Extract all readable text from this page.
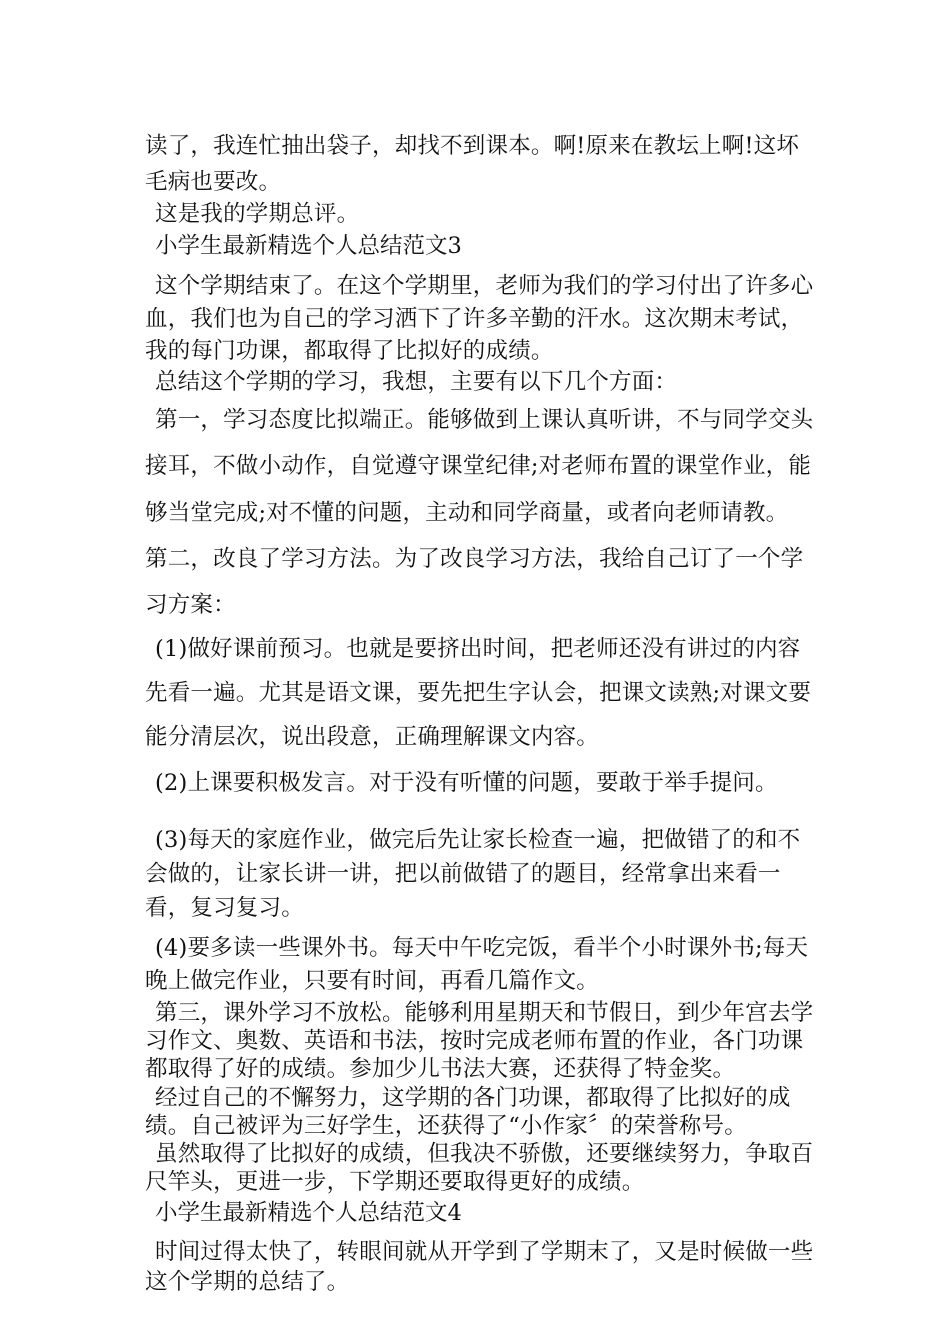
读了，我连忙抽出袋子，却找不到课本。啊!原来在教坛上啊!这坏毛病也要改。

这是我的学期总评。

小学生最新精选个人总结范文3

这个学期结束了。在这个学期里，老师为我们的学习付出了许多心血，我们也为自己的学习洒下了许多辛勤的汗水。这次期末考试，我的每门功课，都取得了比拟好的成绩。

总结这个学期的学习，我想，主要有以下几个方面：

第一，学习态度比拟端正。能够做到上课认真听讲，不与同学交头接耳，不做小动作，自觉遵守课堂纪律;对老师布置的课堂作业，能够当堂完成;对不懂的问题，主动和同学商量，或者向老师请教。 第二，改良了学习方法。为了改良学习方法，我给自己订了一个学习方案：

(1)做好课前预习。也就是要挤出时间，把老师还没有讲过的内容先看一遍。尤其是语文课，要先把生字认会，把课文读熟;对课文要能分清层次，说出段意，正确理解课文内容。

(2)上课要积极发言。对于没有听懂的问题，要敢于举手提问。

(3)每天的家庭作业，做完后先让家长检查一遍，把做错了的和不会做的，让家长讲一讲，把以前做错了的题目，经常拿出来看一看，复习复习。

(4)要多读一些课外书。每天中午吃完饭，看半个小时课外书;每天晚上做完作业，只要有时间，再看几篇作文。

第三，课外学习不放松。能够利用星期天和节假日，到少年宫去学习作文、奥数、英语和书法，按时完成老师布置的作业，各门功课都取得了好的成绩。参加少儿书法大赛，还获得了特金奖。

经过自己的不懈努力，这学期的各门功课，都取得了比拟好的成绩。自己被评为三好学生，还获得了“小作家〞的荣誉称号。

虽然取得了比拟好的成绩，但我决不骄傲，还要继续努力，争取百尺竿头，更进一步，下学期还要取得更好的成绩。

小学生最新精选个人总结范文4

时间过得太快了，转眼间就从开学到了学期末了，又是时候做一些这个学期的总结了。
